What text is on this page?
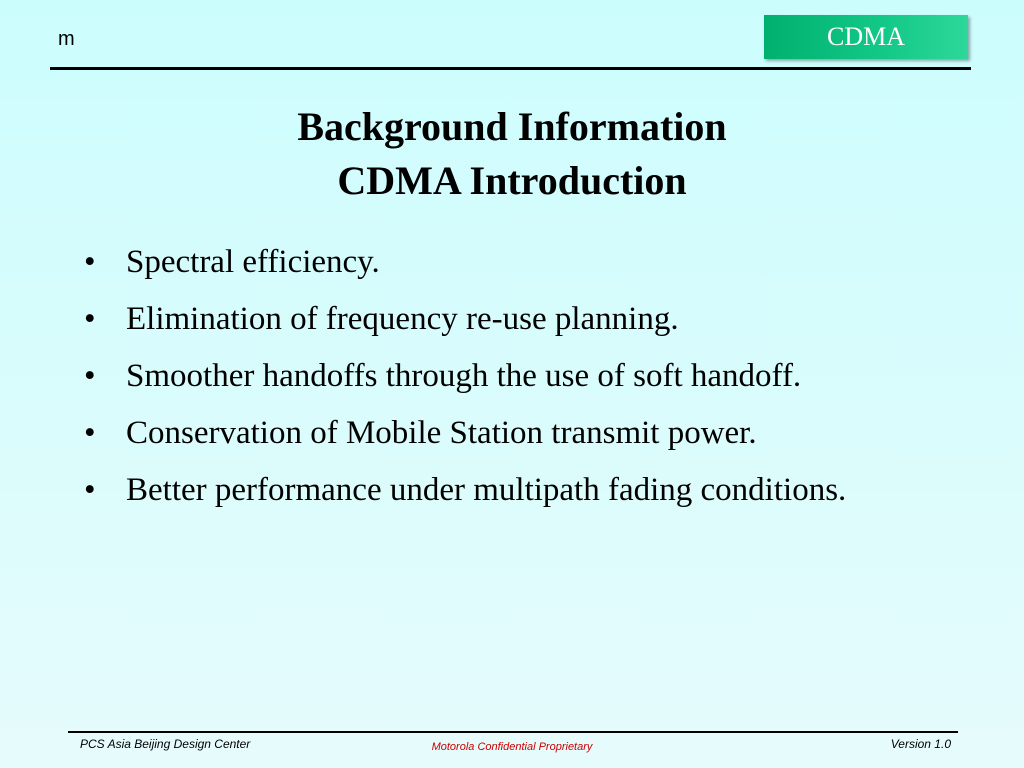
m	CDMA
Background Information
CDMA Introduction
• Spectral efficiency.
• Elimination of frequency re-use planning.
• Smoother handoffs through the use of soft handoff.
• Conservation of Mobile Station transmit power.
• Better performance under multipath fading conditions.
PCS Asia Beijing Design Center	Motorola Confidential Proprietary	Version 1.0
